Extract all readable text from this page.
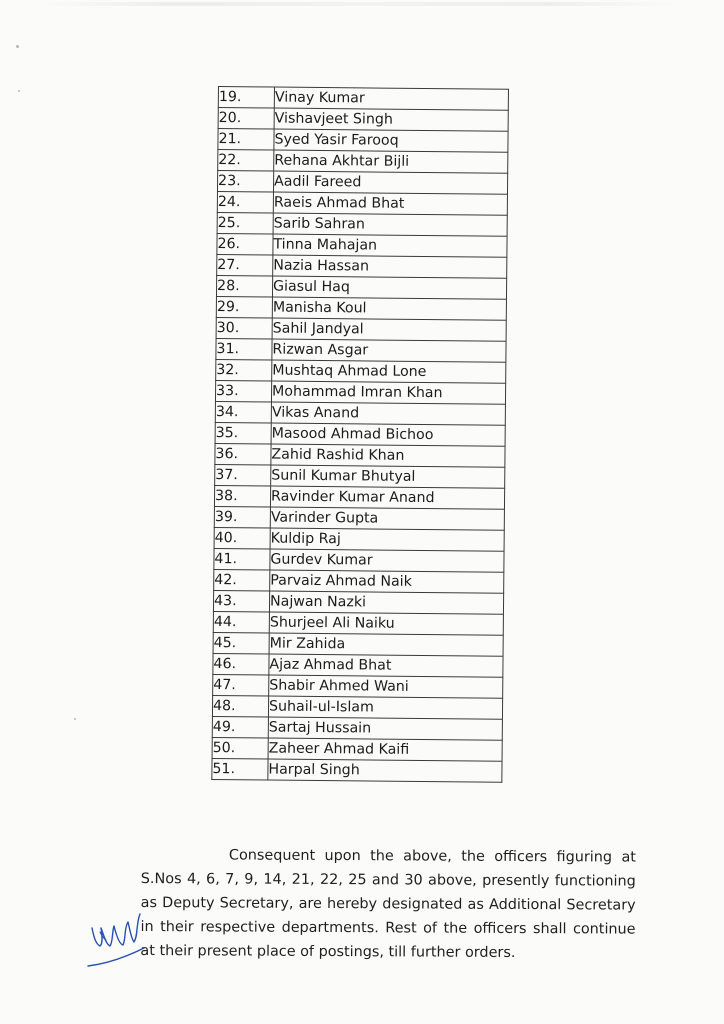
19.	Vinay Kumar
20.	Vishavjeet Singh
21.	Syed Yasir Farooq
22.	Rehana Akhtar Bijli
23.	Aadil Fareed
24.	Raeis Ahmad Bhat
25.	Sarib Sahran
26.	Tinna Mahajan
27.	Nazia Hassan
28.	Giasul Haq
29.	Manisha Koul
30.	Sahil Jandyal
31.	Rizwan Asgar
32.	Mushtaq Ahmad Lone
33.	Mohammad Imran Khan
34.	Vikas Anand
35.	Masood Ahmad Bichoo
36.	Zahid Rashid Khan
37.	Sunil Kumar Bhutyal
38.	Ravinder Kumar Anand
39.	Varinder Gupta
40.	Kuldip Raj
41.	Gurdev Kumar
42.	Parvaiz Ahmad Naik
43.	Najwan Nazki
44.	Shurjeel Ali Naiku
45.	Mir Zahida
46.	Ajaz Ahmad Bhat
47.	Shabir Ahmed Wani
48.	Suhail-ul-Islam
49.	Sartaj Hussain
50.	Zaheer Ahmad Kaifi
51.	Harpal Singh

Consequent upon the above, the officers figuring at S.Nos 4, 6, 7, 9, 14, 21, 22, 25 and 30 above, presently functioning as Deputy Secretary, are hereby designated as Additional Secretary in their respective departments. Rest of the officers shall continue at their present place of postings, till further orders.
